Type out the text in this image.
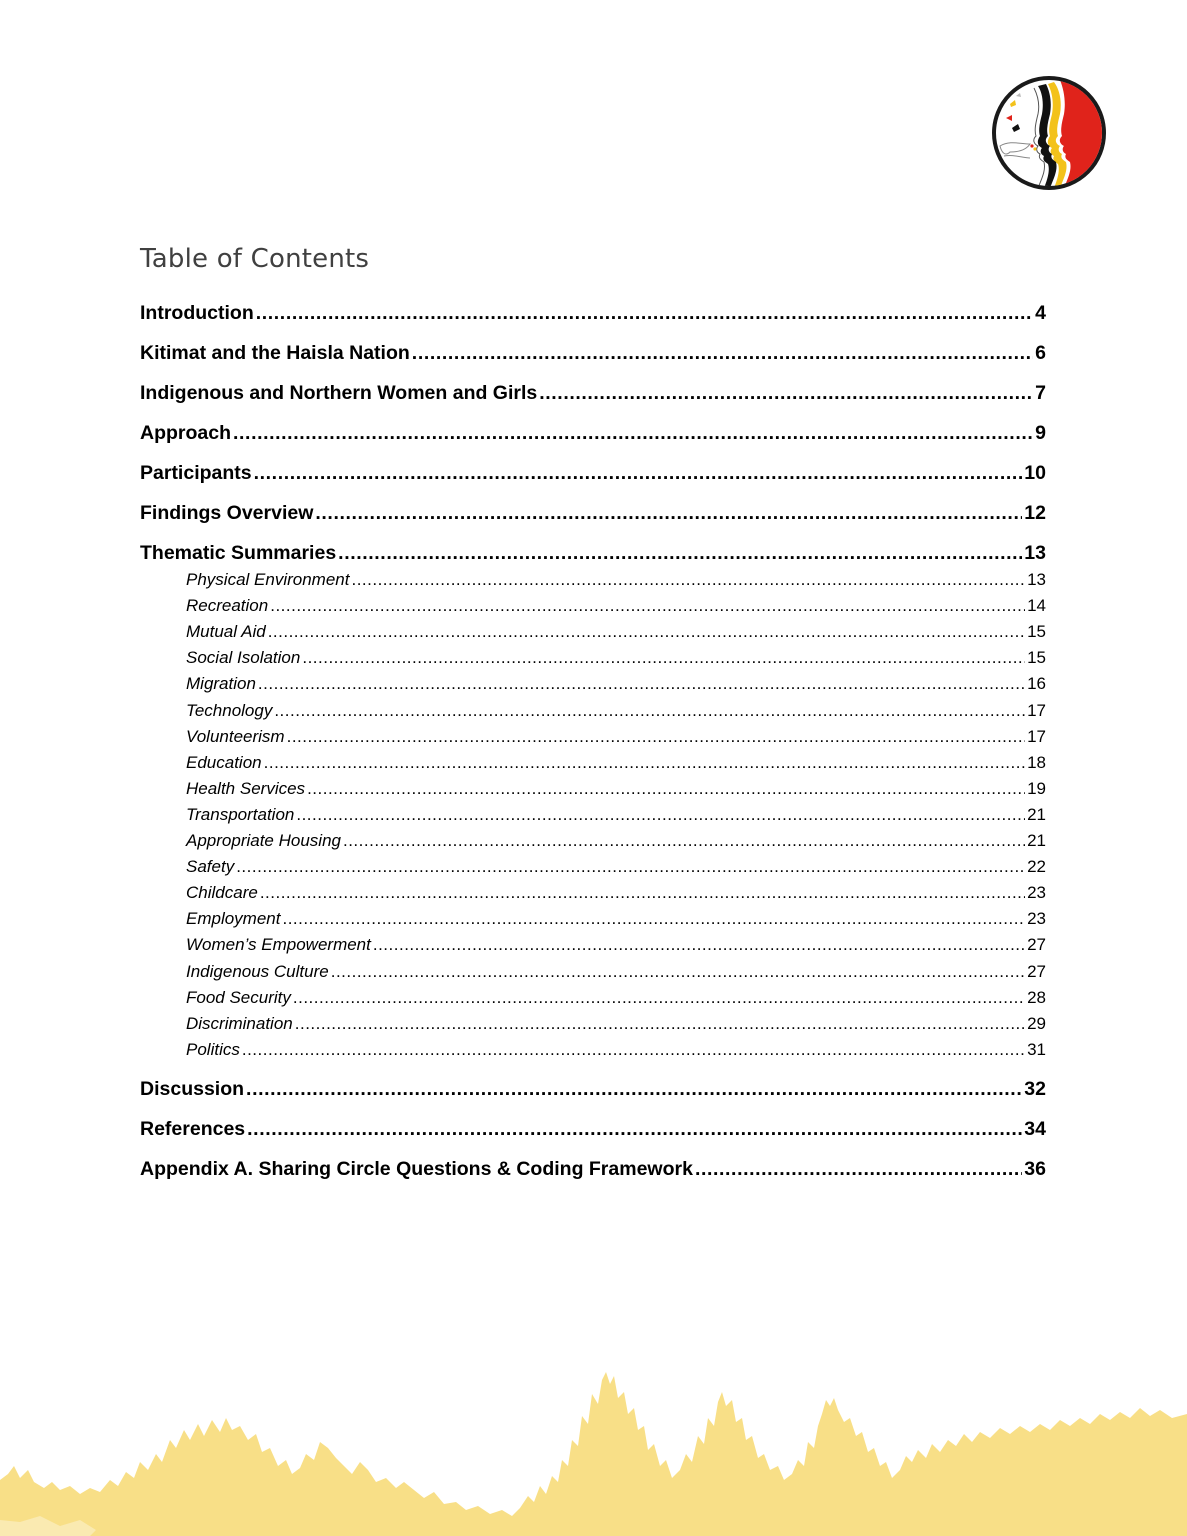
Table of Contents
Introduction .....	4
Kitimat and the Haisla Nation .....	6
Indigenous and Northern Women and Girls .....	7
Approach .....	9
Participants .....	10
Findings Overview .....	12
Thematic Summaries .....	13
Physical Environment .....	13
Recreation .....	14
Mutual Aid .....	15
Social Isolation .....	15
Migration .....	16
Technology .....	17
Volunteerism .....	17
Education .....	18
Health Services .....	19
Transportation .....	21
Appropriate Housing .....	21
Safety .....	22
Childcare .....	23
Employment .....	23
Women’s Empowerment .....	27
Indigenous Culture .....	27
Food Security .....	28
Discrimination .....	29
Politics .....	31
Discussion .....	32
References .....	34
Appendix A. Sharing Circle Questions & Coding Framework .....	36
